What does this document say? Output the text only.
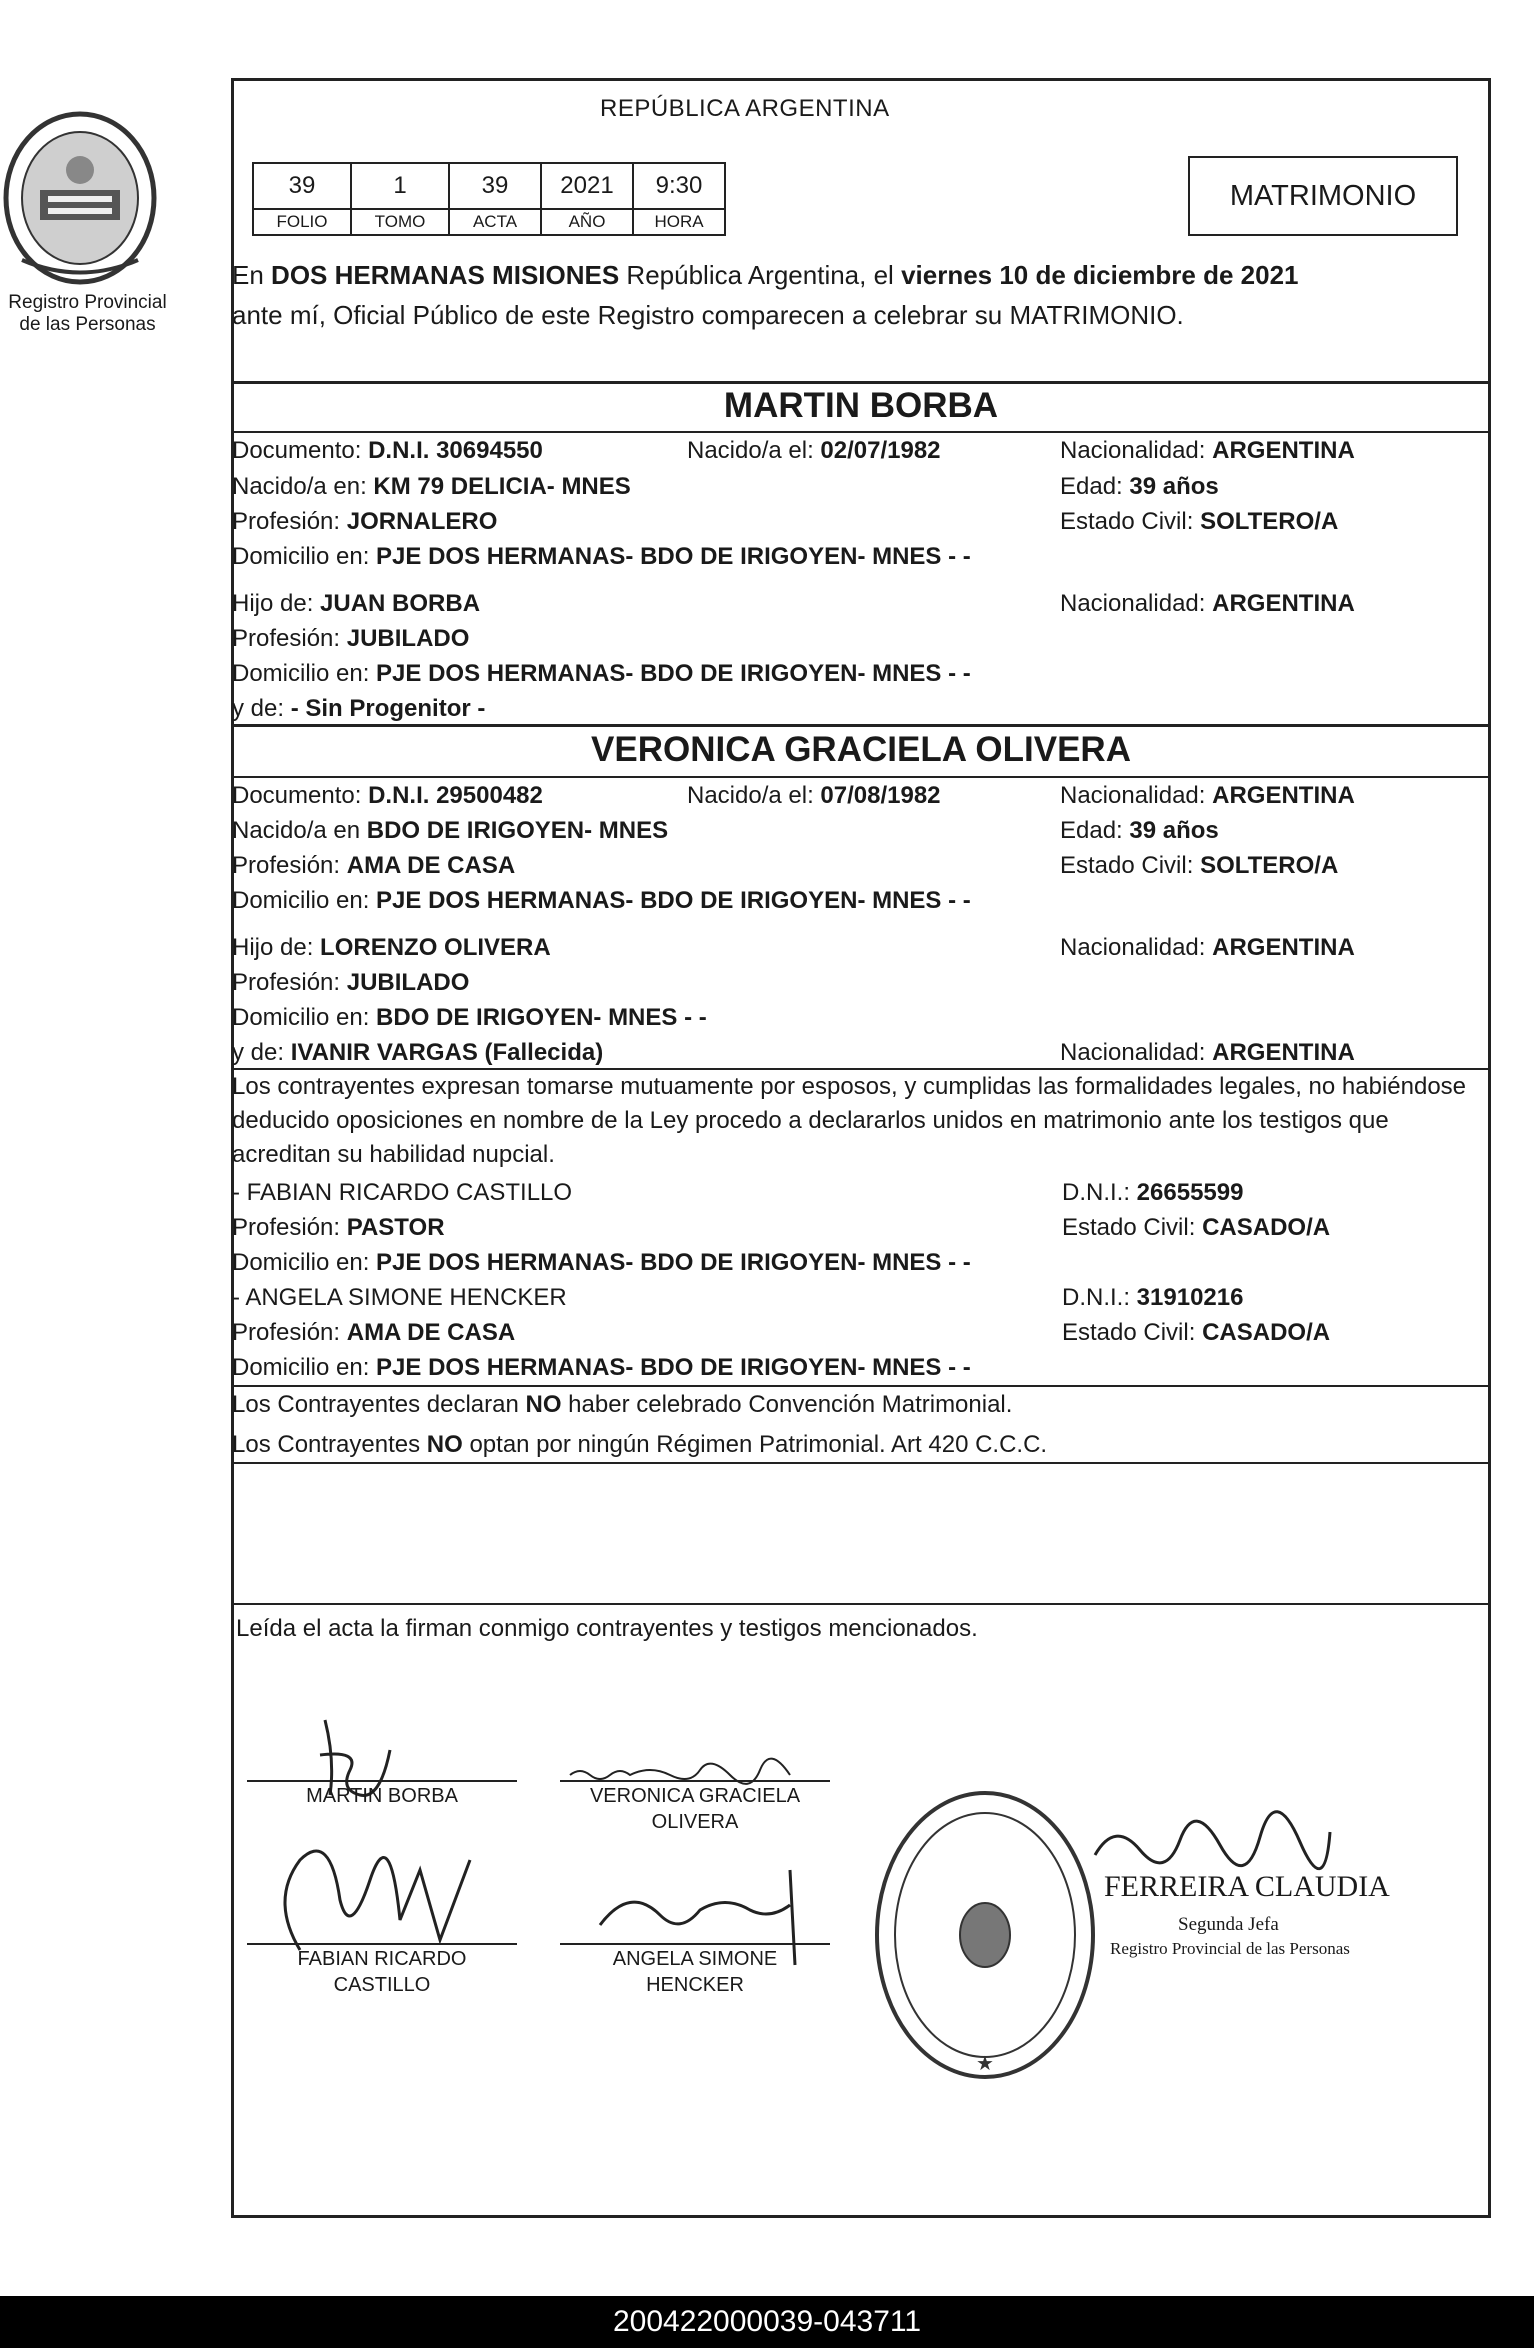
Registro Provincial
de las Personas
REPÚBLICA ARGENTINA
39	1	39	2021	9:30
FOLIO	TOMO	ACTA	AÑO	HORA
MATRIMONIO
En DOS HERMANAS MISIONES República Argentina, el viernes 10 de diciembre de 2021
ante mí, Oficial Público de este Registro comparecen a celebrar su MATRIMONIO.
MARTIN BORBA
Documento: D.N.I. 30694550	Nacido/a el: 02/07/1982	Nacionalidad: ARGENTINA
Nacido/a en: KM 79 DELICIA- MNES	Edad: 39 años
Profesión: JORNALERO	Estado Civil: SOLTERO/A
Domicilio en: PJE DOS HERMANAS- BDO DE IRIGOYEN- MNES - -
Hijo de: JUAN BORBA	Nacionalidad: ARGENTINA
Profesión: JUBILADO
Domicilio en: PJE DOS HERMANAS- BDO DE IRIGOYEN- MNES - -
y de: - Sin Progenitor -
VERONICA GRACIELA OLIVERA
Documento: D.N.I. 29500482	Nacido/a el: 07/08/1982	Nacionalidad: ARGENTINA
Nacido/a en BDO DE IRIGOYEN- MNES	Edad: 39 años
Profesión: AMA DE CASA	Estado Civil: SOLTERO/A
Domicilio en: PJE DOS HERMANAS- BDO DE IRIGOYEN- MNES - -
Hijo de: LORENZO OLIVERA	Nacionalidad: ARGENTINA
Profesión: JUBILADO
Domicilio en: BDO DE IRIGOYEN- MNES - -
y de: IVANIR VARGAS (Fallecida)	Nacionalidad: ARGENTINA
Los contrayentes expresan tomarse mutuamente por esposos, y cumplidas las formalidades legales, no habiéndose deducido oposiciones en nombre de la Ley procedo a declararlos unidos en matrimonio ante los testigos que acreditan su habilidad nupcial.
- FABIAN RICARDO CASTILLO	D.N.I.: 26655599
Profesión: PASTOR	Estado Civil: CASADO/A
Domicilio en: PJE DOS HERMANAS- BDO DE IRIGOYEN- MNES - -
- ANGELA SIMONE HENCKER	D.N.I.: 31910216
Profesión: AMA DE CASA	Estado Civil: CASADO/A
Domicilio en: PJE DOS HERMANAS- BDO DE IRIGOYEN- MNES - -
Los Contrayentes declaran NO haber celebrado Convención Matrimonial.
Los Contrayentes NO optan por ningún Régimen Patrimonial. Art 420 C.C.C.
Leída el acta la firman conmigo contrayentes y testigos mencionados.
MARTIN BORBA	VERONICA GRACIELA
OLIVERA
FABIAN RICARDO
CASTILLO
ANGELA SIMONE
HENCKER
★
FERREIRA CLAUDIA
Segunda Jefa
Registro Provincial de las Personas
200422000039-043711
